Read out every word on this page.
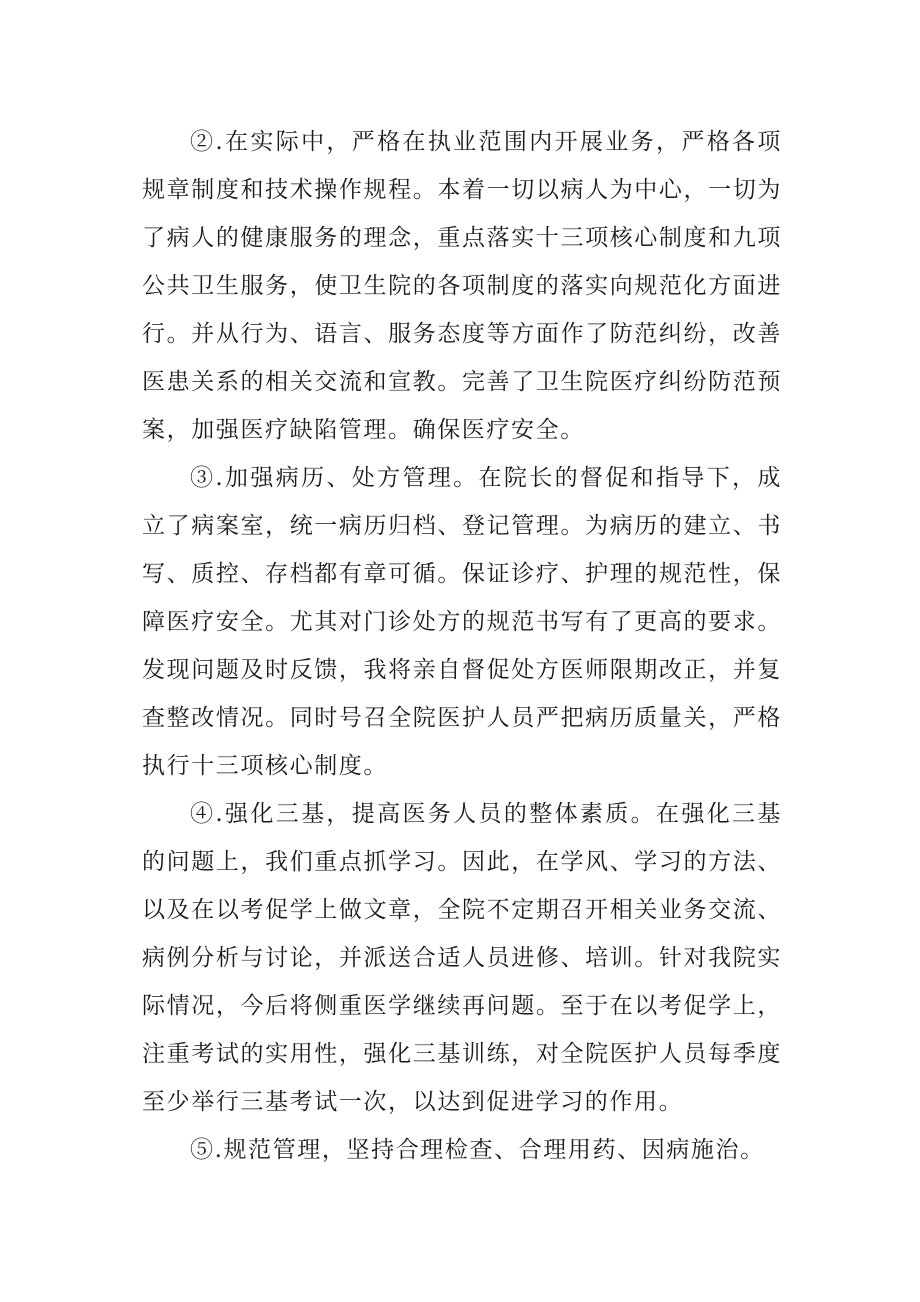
②.在实际中，严格在执业范围内开展业务，严格各项规章制度和技术操作规程。本着一切以病人为中心，一切为了病人的健康服务的理念，重点落实十三项核心制度和九项公共卫生服务，使卫生院的各项制度的落实向规范化方面进行。并从行为、语言、服务态度等方面作了防范纠纷，改善医患关系的相关交流和宣教。完善了卫生院医疗纠纷防范预案，加强医疗缺陷管理。确保医疗安全。

③.加强病历、处方管理。在院长的督促和指导下，成立了病案室，统一病历归档、登记管理。为病历的建立、书写、质控、存档都有章可循。保证诊疗、护理的规范性，保障医疗安全。尤其对门诊处方的规范书写有了更高的要求。发现问题及时反馈，我将亲自督促处方医师限期改正，并复查整改情况。同时号召全院医护人员严把病历质量关，严格执行十三项核心制度。

④.强化三基，提高医务人员的整体素质。在强化三基的问题上，我们重点抓学习。因此，在学风、学习的方法、以及在以考促学上做文章，全院不定期召开相关业务交流、病例分析与讨论，并派送合适人员进修、培训。针对我院实际情况，今后将侧重医学继续再问题。至于在以考促学上，注重考试的实用性，强化三基训练，对全院医护人员每季度至少举行三基考试一次，以达到促进学习的作用。

⑤.规范管理，坚持合理检查、合理用药、因病施治。
